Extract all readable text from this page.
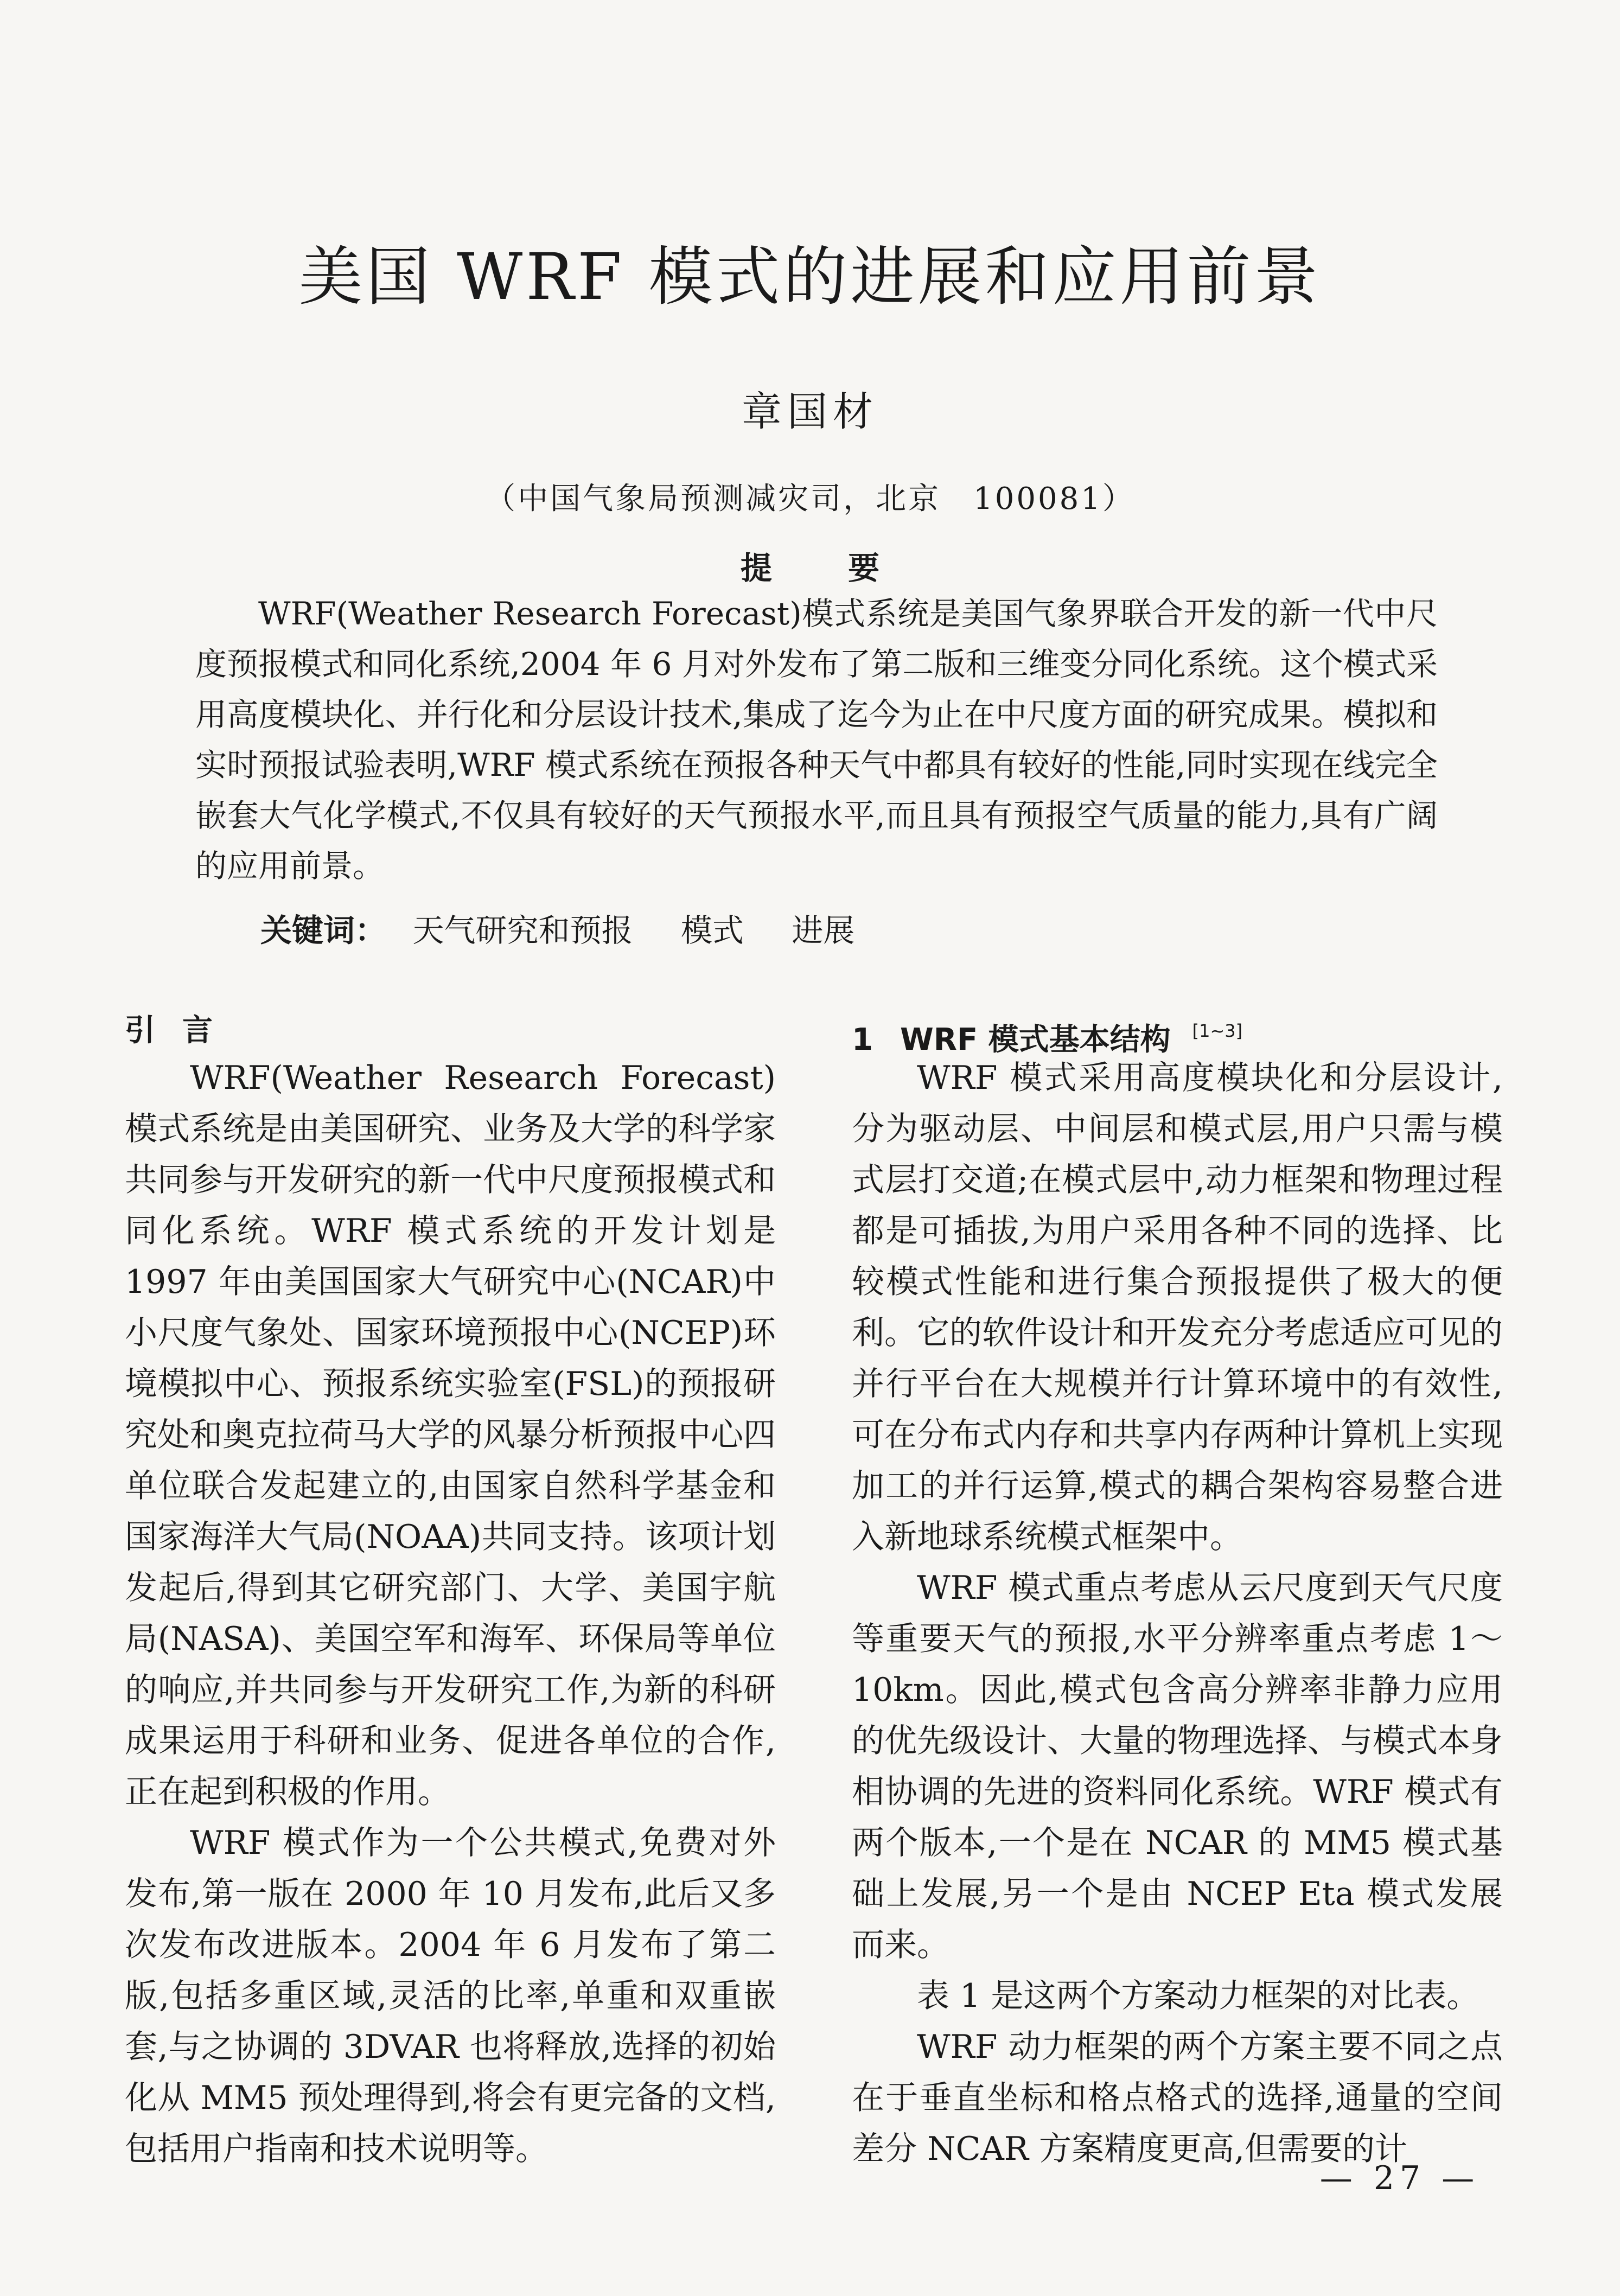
美国 WRF 模式的进展和应用前景
章国材
（中国气象局预测减灾司，北京　100081）
提 要

WRF(Weather Research Forecast)模式系统是美国气象界联合开发的新一代中尺度预报模式和同化系统,2004 年 6 月对外发布了第二版和三维变分同化系统。这个模式采用高度模块化、并行化和分层设计技术,集成了迄今为止在中尺度方面的研究成果。模拟和实时预报试验表明,WRF 模式系统在预报各种天气中都具有较好的性能,同时实现在线完全嵌套大气化学模式,不仅具有较好的天气预报水平,而且具有预报空气质量的能力,具有广阔的应用前景。

关键词： 天气研究和预报 模式 进展
引 言

WRF(Weather Research Forecast)模式系统是由美国研究、业务及大学的科学家共同参与开发研究的新一代中尺度预报模式和同化系统。WRF 模式系统的开发计划是 1997 年由美国国家大气研究中心(NCAR)中小尺度气象处、国家环境预报中心(NCEP)环境模拟中心、预报系统实验室(FSL)的预报研究处和奥克拉荷马大学的风暴分析预报中心四单位联合发起建立的,由国家自然科学基金和国家海洋大气局(NOAA)共同支持。该项计划发起后,得到其它研究部门、大学、美国宇航局(NASA)、美国空军和海军、环保局等单位的响应,并共同参与开发研究工作,为新的科研成果运用于科研和业务、促进各单位的合作,正在起到积极的作用。

WRF 模式作为一个公共模式,免费对外发布,第一版在 2000 年 10 月发布,此后又多次发布改进版本。2004 年 6 月发布了第二版,包括多重区域,灵活的比率,单重和双重嵌套,与之协调的 3DVAR 也将释放,选择的初始化从 MM5 预处理得到,将会有更完备的文档,包括用户指南和技术说明等。

1 WRF 模式基本结构 [1~3]

WRF 模式采用高度模块化和分层设计,分为驱动层、中间层和模式层,用户只需与模式层打交道;在模式层中,动力框架和物理过程都是可插拔,为用户采用各种不同的选择、比较模式性能和进行集合预报提供了极大的便利。它的软件设计和开发充分考虑适应可见的并行平台在大规模并行计算环境中的有效性,可在分布式内存和共享内存两种计算机上实现加工的并行运算,模式的耦合架构容易整合进入新地球系统模式框架中。

WRF 模式重点考虑从云尺度到天气尺度等重要天气的预报,水平分辨率重点考虑 1～10km。因此,模式包含高分辨率非静力应用的优先级设计、大量的物理选择、与模式本身相协调的先进的资料同化系统。WRF 模式有两个版本,一个是在 NCAR 的 MM5 模式基础上发展,另一个是由 NCEP Eta 模式发展而来。

表 1 是这两个方案动力框架的对比表。

WRF 动力框架的两个方案主要不同之点在于垂直坐标和格点格式的选择,通量的空间差分 NCAR 方案精度更高,但需要的计

— 27 —
